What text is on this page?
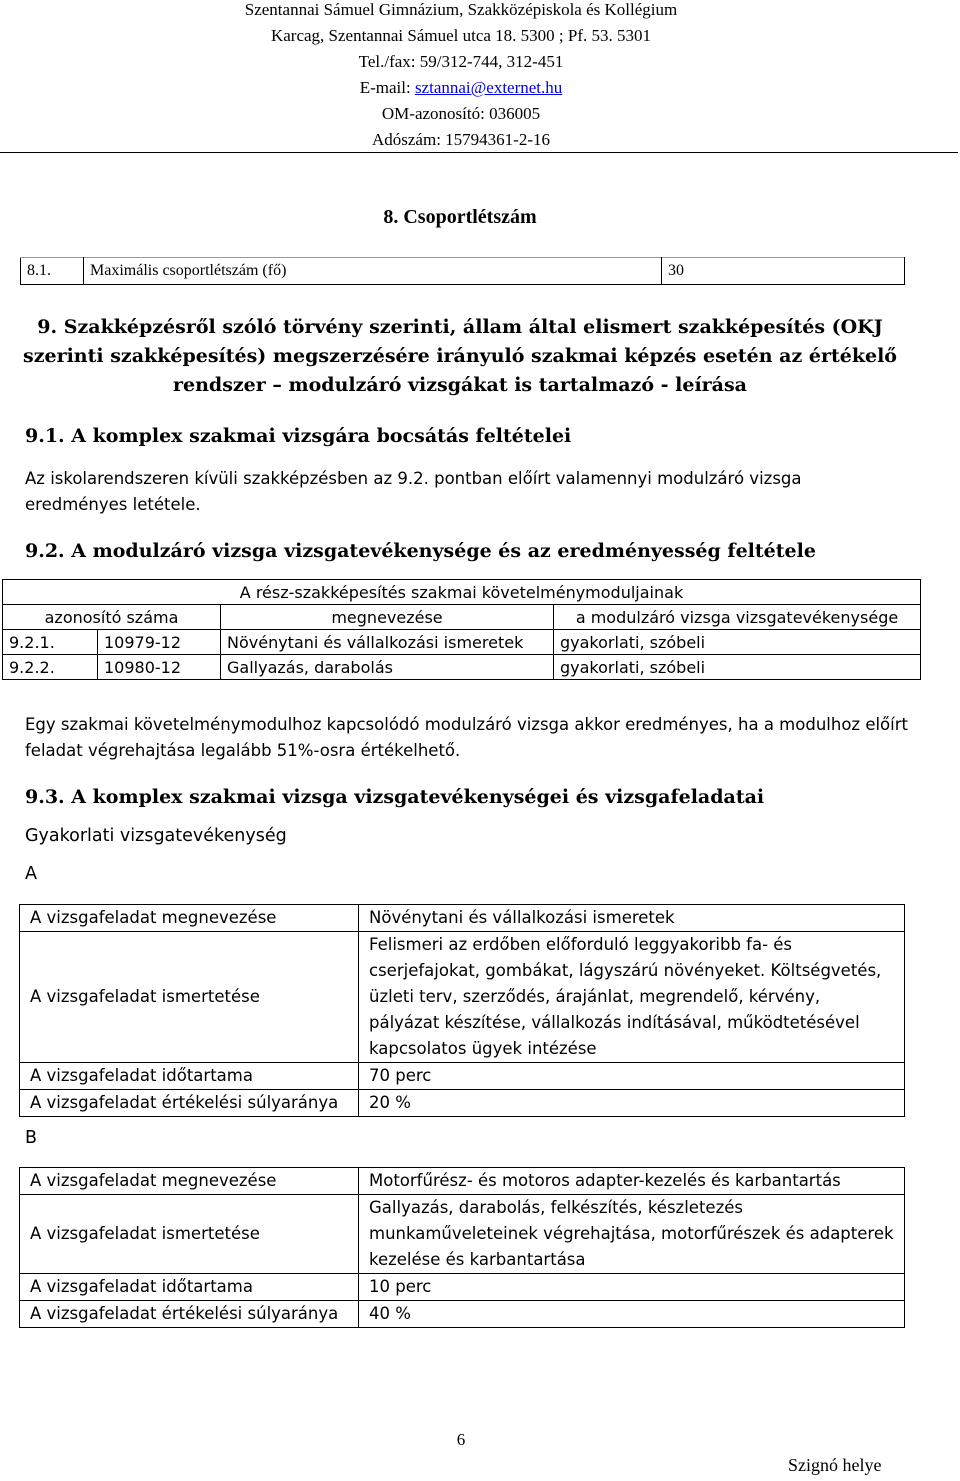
Szentannai Sámuel Gimnázium, Szakközépiskola és Kollégium
Karcag, Szentannai Sámuel utca 18. 5300 ; Pf. 53. 5301
Tel./fax: 59/312-744, 312-451
E-mail: sztannai@externet.hu
OM-azonosító: 036005
Adószám: 15794361-2-16
8. Csoportlétszám
8.1.	Maximális csoportlétszám (fő)	30
9. Szakképzésről szóló törvény szerinti, állam által elismert szakképesítés (OKJ szerinti szakképesítés) megszerzésére irányuló szakmai képzés esetén az értékelő rendszer – modulzáró vizsgákat is tartalmazó - leírása
9.1. A komplex szakmai vizsgára bocsátás feltételei
Az iskolarendszeren kívüli szakképzésben az 9.2. pontban előírt valamennyi modulzáró vizsga eredményes letétele.
9.2. A modulzáró vizsga vizsgatevékenysége és az eredményesség feltétele
A rész-szakképesítés szakmai követelménymoduljainak			
azonosító száma		megnevezése	a modulzáró vizsga vizsgatevékenysége
9.2.1.	10979-12	Növénytani és vállalkozási ismeretek	gyakorlati, szóbeli
9.2.2.	10980-12	Gallyazás, darabolás	gyakorlati, szóbeli
Egy szakmai követelménymodulhoz kapcsolódó modulzáró vizsga akkor eredményes, ha a modulhoz előírt feladat végrehajtása legalább 51%-osra értékelhető.
9.3. A komplex szakmai vizsga vizsgatevékenységei és vizsgafeladatai
Gyakorlati vizsgatevékenység
A
A vizsgafeladat megnevezése	Növénytani és vállalkozási ismeretek
A vizsgafeladat ismertetése	Felismeri az erdőben előforduló leggyakoribb fa- és cserjefajokat, gombákat, lágyszárú növényeket. Költségvetés, üzleti terv, szerződés, árajánlat, megrendelő, kérvény, pályázat készítése, vállalkozás indításával, működtetésével kapcsolatos ügyek intézése
A vizsgafeladat időtartama	70 perc
A vizsgafeladat értékelési súlyaránya	20 %
B
A vizsgafeladat megnevezése	Motorfűrész- és motoros adapter-kezelés és karbantartás
A vizsgafeladat ismertetése	Gallyazás, darabolás, felkészítés, készletezés munkaműveleteinek végrehajtása, motorfűrészek és adapterek kezelése és karbantartása
A vizsgafeladat időtartama	10 perc
A vizsgafeladat értékelési súlyaránya	40 %
6
Szignó helye
